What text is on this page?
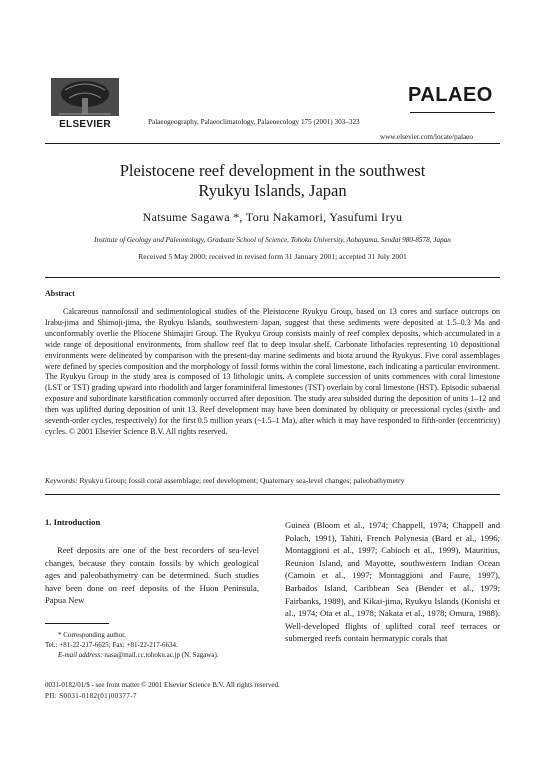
ELSEVIER	Palaeogeography, Palaeoclimatology, Palaeoecology 175 (2001) 303–323
PALAEO
www.elsevier.com/locate/palaeo
Pleistocene reef development in the southwest
Ryukyu Islands, Japan
Natsume Sagawa *, Toru Nakamori, Yasufumi Iryu
Institute of Geology and Paleontology, Graduate School of Science, Tohoku University, Aobayama, Sendai 980-8578, Japan
Received 5 May 2000; received in revised form 31 January 2001; accepted 31 July 2001
Abstract
Calcareous nannofossil and sedimentological studies of the Pleistocene Ryukyu Group, based on 13 cores and surface outcrops on Irabu-jima and Shimoji-jima, the Ryukyu Islands, southwestern Japan, suggest that these sediments were deposited at 1.5–0.3 Ma and unconformably overlie the Pliocene Shimajiri Group. The Ryukyu Group consists mainly of reef complex deposits, which accumulated in a wide range of depositional environments, from shallow reef flat to deep insular shelf. Carbonate lithofacies representing 10 depositional environments were delineated by comparison with the present-day marine sediments and biota around the Ryukyus. Five coral assemblages were defined by species composition and the morphology of fossil forms within the coral limestone, each indicating a particular environment. The Ryukyu Group in the study area is composed of 13 lithologic units. A complete succession of units commences with coral limestone (LST or TST) grading upward into rhodolith and larger foraminiferal limestones (TST) overlain by coral limestone (HST). Episodic subaerial exposure and subordinate karstification commonly occurred after deposition. The study area subsided during the deposition of units 1–12 and then was uplifted during deposition of unit 13. Reef development may have been dominated by obliquity or precessional cycles (sixth- and seventh-order cycles, respectively) for the first 0.5 million years (~1.5–1 Ma), after which it may have responded to fifth-order (eccentricity) cycles. © 2001 Elsevier Science B.V. All rights reserved.
Keywords: Ryukyu Group; fossil coral assemblage; reef development; Quaternary sea-level changes; paleobathymetry
1. Introduction
Reef deposits are one of the best recorders of sea-level changes, because they contain fossils by which geological ages and paleobathymetry can be determined. Such studies have been done on reef deposits of the Huon Peninsula, Papua New
Guinea (Bloom et al., 1974; Chappell, 1974; Chappell and Polach, 1991), Tahiti, French Polynesia (Bard et al., 1996; Montaggioni et al., 1997; Cabioch et al., 1999), Mauritius, Reunion Island, and Mayotte, southwestern Indian Ocean (Camoin et al., 1997; Montaggioni and Faure, 1997), Barbados Island, Caribbean Sea (Bender et al., 1979; Fairbanks, 1989), and Kikai-jima, Ryukyu Islands (Konishi et al., 1974; Ota et al., 1978; Nakata et al., 1978; Omura, 1988). Well-developed flights of uplifted coral reef terraces or submerged reefs contain hermatypic corals that
* Corresponding author.
Tel.: +81-22-217-6625; Fax: +81-22-217-6634.
E-mail address: nasa@mail.cc.tohoku.ac.jp (N. Sagawa).
0031-0182/01/$ - see front matter © 2001 Elsevier Science B.V. All rights reserved.
PII: S0031-0182(01)00377-7
